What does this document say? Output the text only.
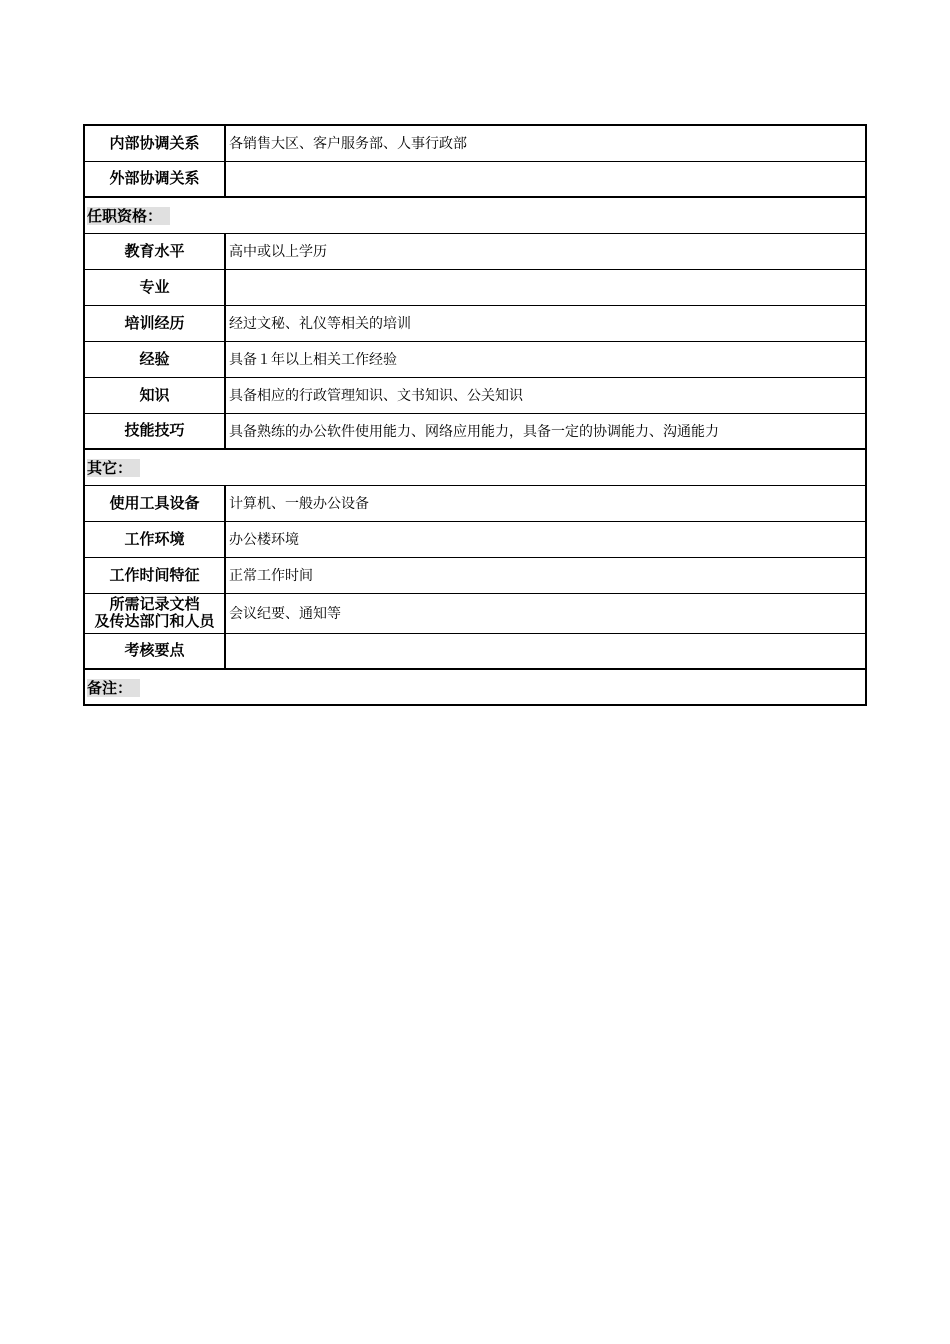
内部协调关系	各销售大区、客户服务部、人事行政部
外部协调关系	
任职资格：	
教育水平	高中或以上学历
专业	
培训经历	经过文秘、礼仪等相关的培训
经验	具备１年以上相关工作经验
知识	具备相应的行政管理知识、文书知识、公关知识
技能技巧	具备熟练的办公软件使用能力、网络应用能力，具备一定的协调能力、沟通能力
其它：	
使用工具设备	计算机、一般办公设备
工作环境	办公楼环境
工作时间特征	正常工作时间

所需记录文档
及传达部门和人员	会议纪要、通知等
考核要点	
备注：	
